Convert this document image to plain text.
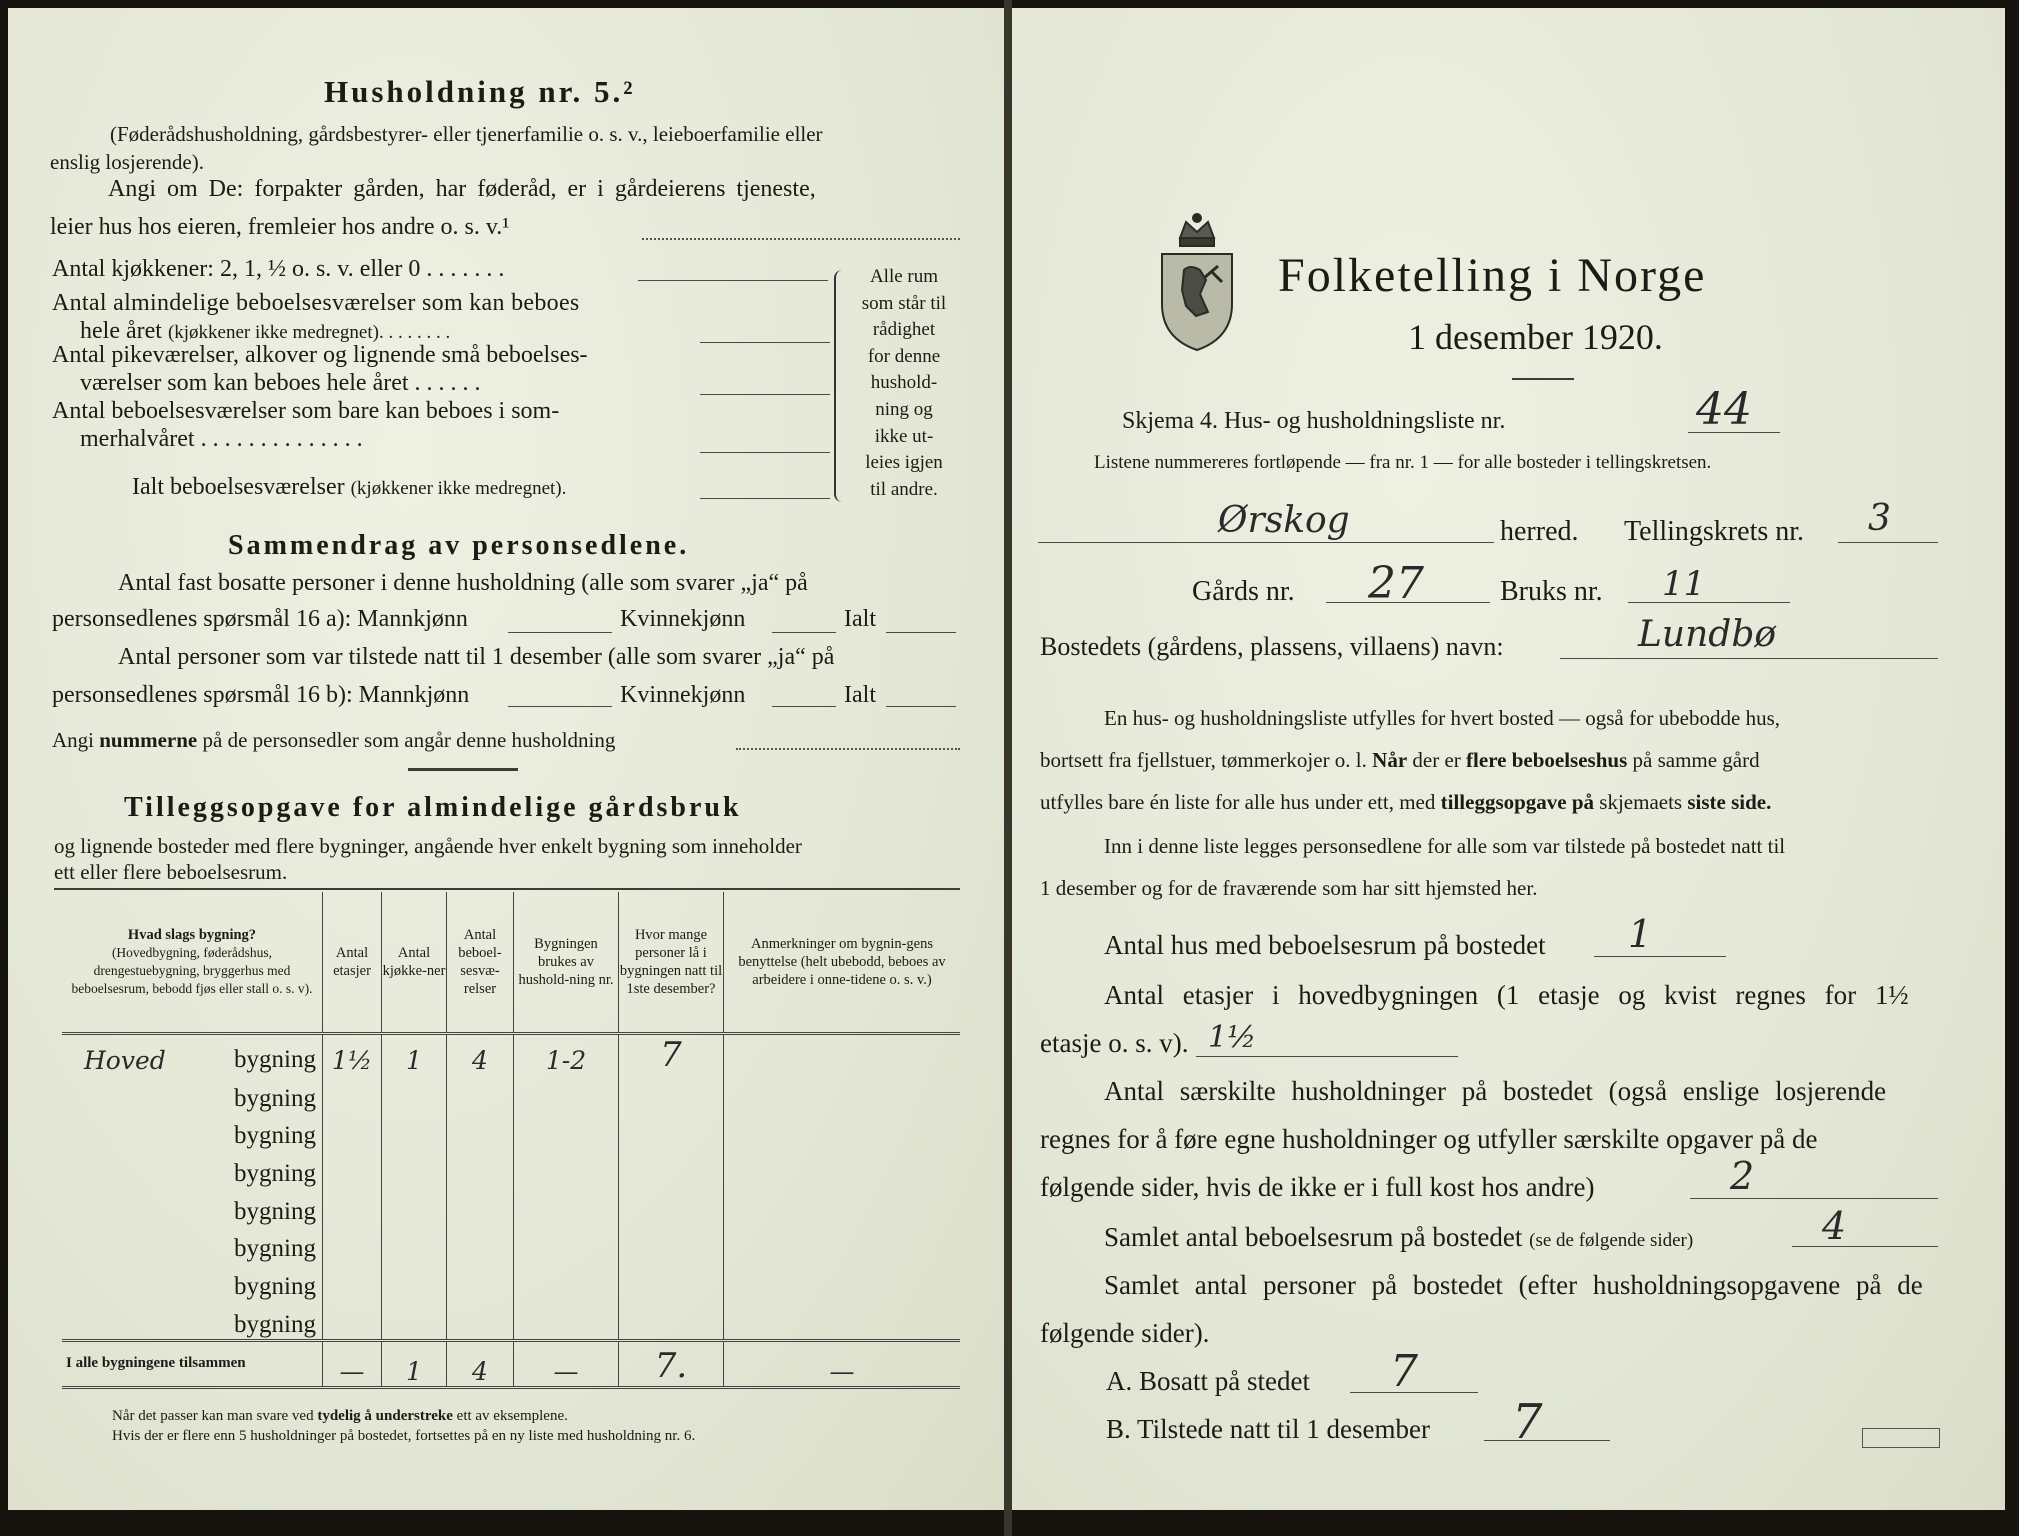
Husholdning nr. 5.²
(Føderådshusholdning, gårdsbestyrer- eller tjenerfamilie o. s. v., leieboerfamilie eller
enslig losjerende).
Angi om De: forpakter gården, har føderåd, er i gårdeierens tjeneste,
leier hus hos eieren, fremleier hos andre o. s. v.¹
Antal kjøkkener: 2, 1, ½ o. s. v. eller 0 . . . . . . .
Antal almindelige beboelsesværelser som kan beboes
hele året (kjøkkener ikke medregnet). . . . . . . .
Antal pikeværelser, alkover og lignende små beboelses-
værelser som kan beboes hele året . . . . . .
Antal beboelsesværelser som bare kan beboes i som-
merhalvåret . . . . . . . . . . . . . .
Ialt beboelsesværelser (kjøkkener ikke medregnet).
Alle rum
som står til
rådighet
for denne
hushold-
ning og
ikke ut-
leies igjen
til andre.
Sammendrag av personsedlene.
Antal fast bosatte personer i denne husholdning (alle som svarer „ja“ på
personsedlenes spørsmål 16 a): Mannkjønn	Kvinnekjønn	Ialt
Antal personer som var tilstede natt til 1 desember (alle som svarer „ja“ på
personsedlenes spørsmål 16 b): Mannkjønn	Kvinnekjønn	Ialt
Angi nummerne på de personsedler som angår denne husholdning
Tilleggsopgave for almindelige gårdsbruk
og lignende bosteder med flere bygninger, angående hver enkelt bygning som inneholder
ett eller flere beboelsesrum.
Hvad slags bygning?
(Hovedbygning, føderådshus, drengestuebygning, bryggerhus med beboelsesrum, bebodd fjøs eller stall o. s. v).	Antal etasjer	Antal kjøkke-ner	Antal beboel-sesvæ-relser	Bygningen brukes av hushold-ning nr.	Hvor mange personer lå i bygningen natt til 1ste desember?	Anmerkninger om bygnin-gens benyttelse (helt ubebodd, beboes av arbeidere i onne-tidene o. s. v.)

Hoved bygning	1½	1	4	1-2	7	
bygning						
bygning						
bygning						
bygning						
bygning						
bygning						
bygning						
I alle bygningene tilsammen	—	1	4	—	7.	—
Når det passer kan man svare ved tydelig å understreke ett av eksemplene.
Hvis der er flere enn 5 husholdninger på bostedet, fortsettes på en ny liste med husholdning nr. 6.
Folketelling i Norge
1 desember 1920.
Skjema 4. Hus- og husholdningsliste nr.	44
Listene nummereres fortløpende — fra nr. 1 — for alle bosteder i tellingskretsen.
Ørskog	herred. Tellingskrets nr. 3
Gårds nr. 27	Bruks nr. 11
Bostedets (gårdens, plassens, villaens) navn:	Lundbø
En hus- og husholdningsliste utfylles for hvert bosted — også for ubebodde hus,
bortsett fra fjellstuer, tømmerkojer o. l. Når der er flere beboelseshus på samme gård
utfylles bare én liste for alle hus under ett, med tilleggsopgave på skjemaets siste side.
Inn i denne liste legges personsedlene for alle som var tilstede på bostedet natt til
1 desember og for de fraværende som har sitt hjemsted her.
Antal hus med beboelsesrum på bostedet 1
Antal etasjer i hovedbygningen (1 etasje og kvist regnes for 1½
etasje o. s. v). 1½
Antal særskilte husholdninger på bostedet (også enslige losjerende
regnes for å føre egne husholdninger og utfyller særskilte opgaver på de
følgende sider, hvis de ikke er i full kost hos andre)	2
Samlet antal beboelsesrum på bostedet (se de følgende sider)	4
Samlet antal personer på bostedet (efter husholdningsopgavene på de
følgende sider).
A. Bosatt på stedet 7
B. Tilstede natt til 1 desember 7
